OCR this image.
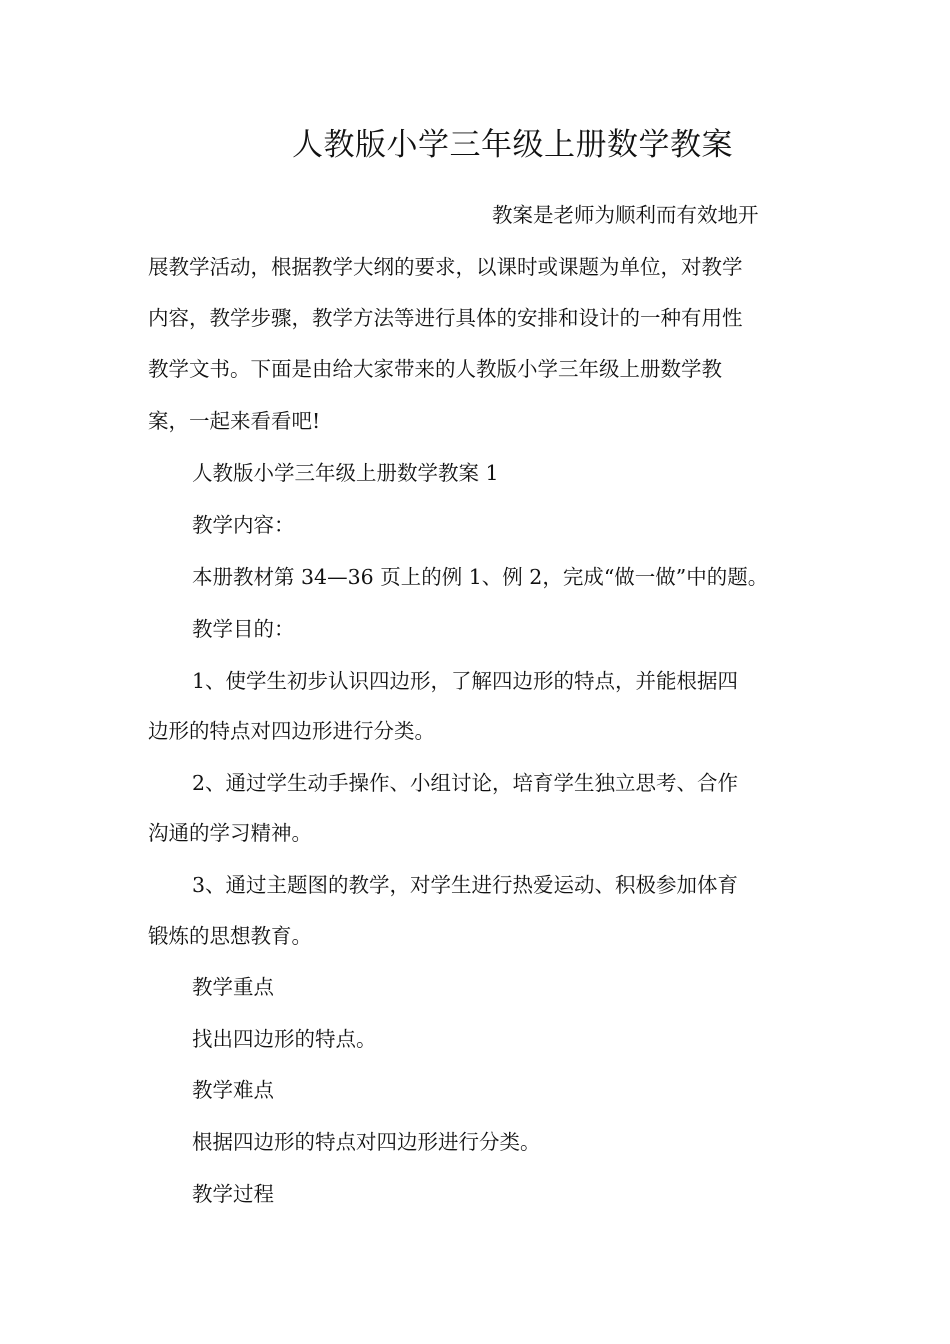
人教版小学三年级上册数学教案
教案是老师为顺利而有效地开
展教学活动，根据教学大纲的要求，以课时或课题为单位，对教学
内容，教学步骤，教学方法等进行具体的安排和设计的一种有用性
教学文书。下面是由给大家带来的人教版小学三年级上册数学教
案，一起来看看吧!
人教版小学三年级上册数学教案 1
教学内容：
本册教材第 34—36 页上的例 1、例 2，完成“做一做”中的题。
教学目的：
1、使学生初步认识四边形，了解四边形的特点，并能根据四
边形的特点对四边形进行分类。
2、通过学生动手操作、小组讨论，培育学生独立思考、合作
沟通的学习精神。
3、通过主题图的教学，对学生进行热爱运动、积极参加体育
锻炼的思想教育。
教学重点
找出四边形的特点。
教学难点
根据四边形的特点对四边形进行分类。
教学过程
